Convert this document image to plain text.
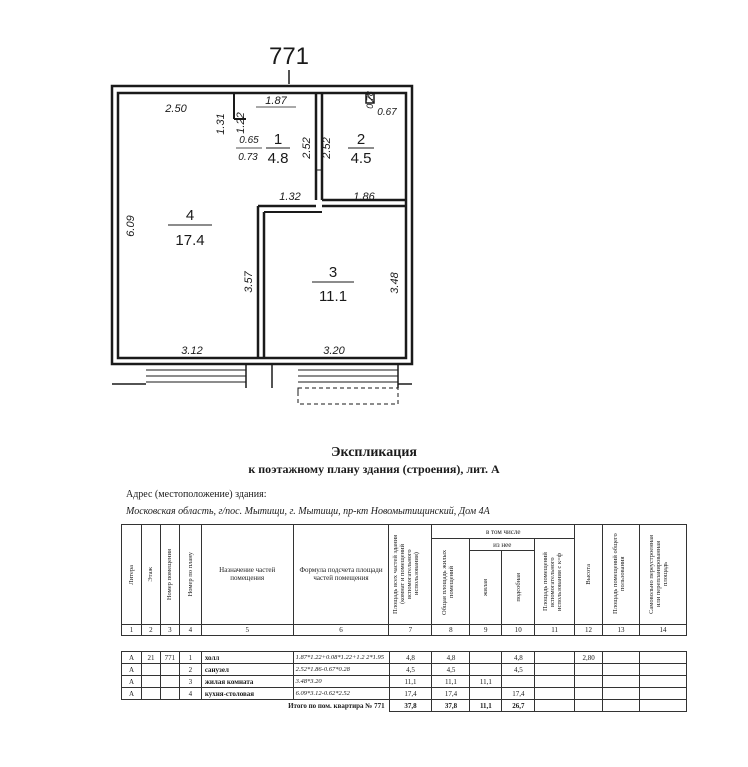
771
1
4.8
2
4.5
3
11.1
4
17.4
2.50
1.87	0.78
0.67
1.31 1.22
0.65
0.73	2.52 2.52
1.32	1.86
6.09
3.57	3.48
3.12	3.20
Экспликация
к поэтажному плану здания (строения), лит. А
Адрес (местоположение) здания:
Московская область, г/пос. Мытищи, г. Мытищи, пр-кт Новомытищинский, Дом 4А
Литера	Этаж	Номер помещения	Номер по плану	Назначение частей помещения	Формула подсчета площади частей помещения	Площадь всех частей здания (комнат и помещений вспомогательного использования)	в том числе				Высота	Площадь помещений общего пользования	Самовольно переустроенная или перепланированная площадь

							Общая площадь жилых помещений	из нее		Площадь помещений вспомогательного использования с к=ф			

								жилая	подсобная				

1	2	3	4	5	6	7	8	9	10	11	12	13	14
А	21	771	1	холл	1.87*1.22+0.08*1.22+1.2 2*1.95	4,8	4,8		4,8		2,80		
А			2	санузел	2.52*1.86-0.67*0.28	4,5	4,5		4,5				
А			3	жилая комната	3.48*3.20	11,1	11,1	11,1					
А			4	кухня-столовая	6.09*3.12-0.62*2.52	17,4	17,4		17,4				
Итого по пом. квартира № 771						37,8	37,8	11,1	26,7				
